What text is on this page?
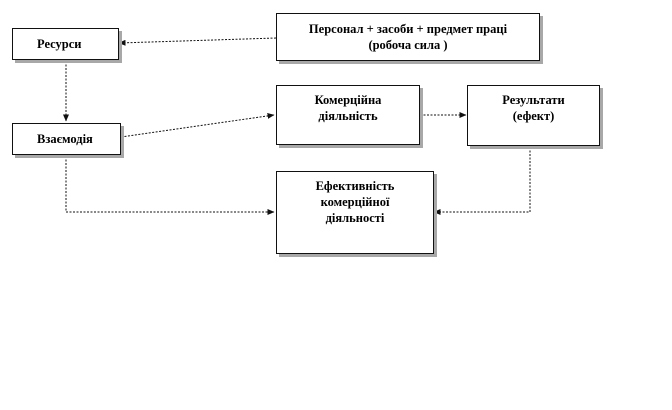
Ресурси
Персонал + засоби + предмет праці
(робоча сила )
Взаємодія
Комерційна
діяльність
Результати
(ефект)
Ефективність
комерційної
діяльності
